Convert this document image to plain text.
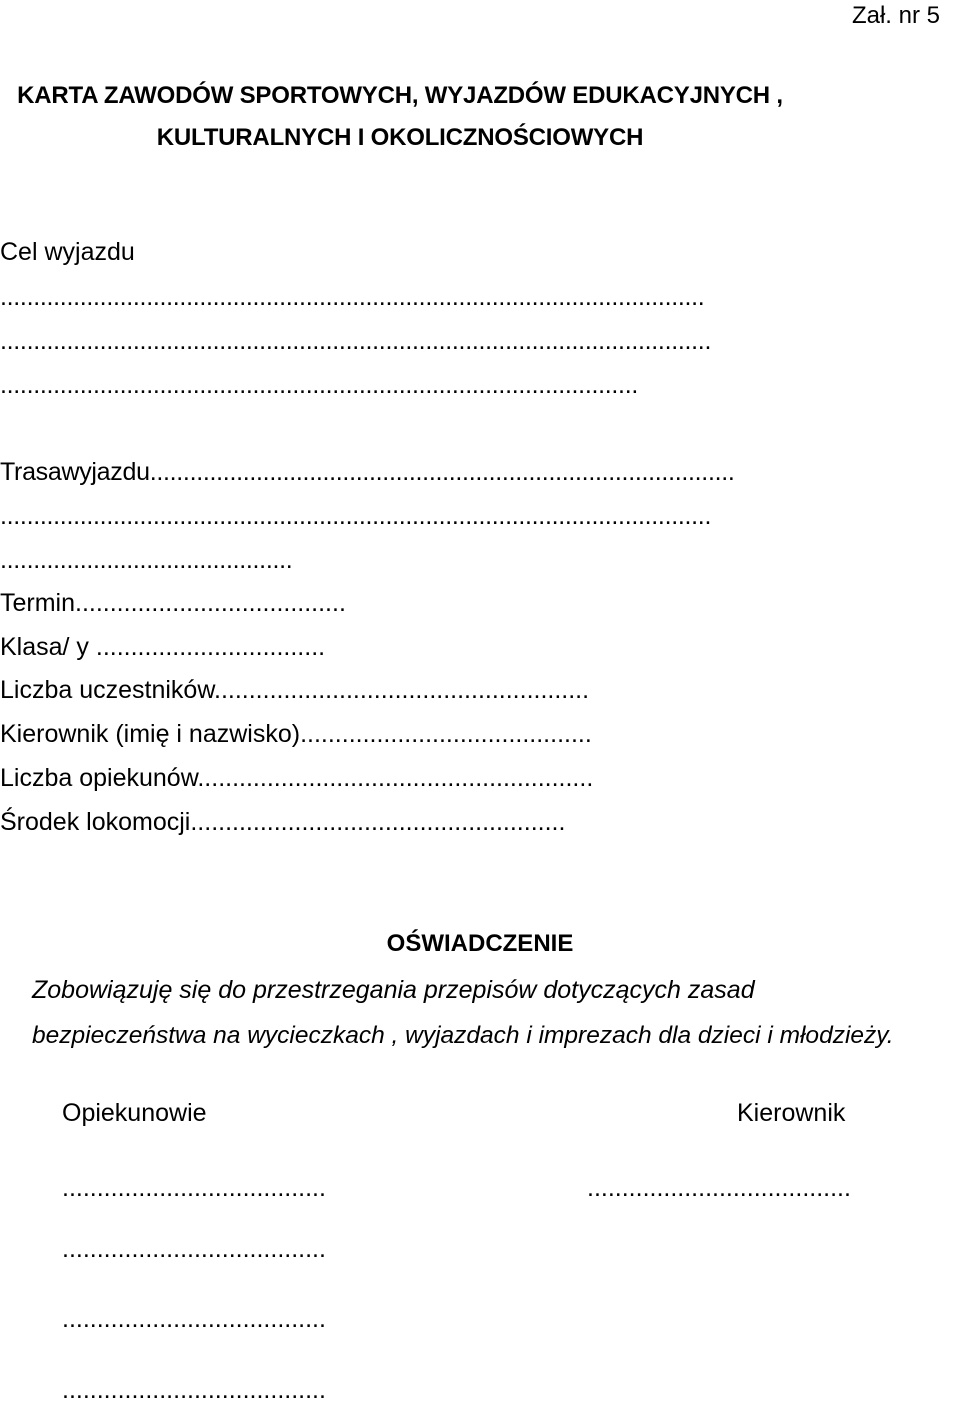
Zał. nr 5
KARTA ZAWODÓW SPORTOWYCH, WYJAZDÓW EDUKACYJNYCH ,
KULTURALNYCH I OKOLICZNOŚCIOWYCH
Cel wyjazdu
..........................................................................................................
...........................................................................................................
................................................................................................
Trasawyjazdu........................................................................................
...........................................................................................................
............................................
Termin.......................................
Klasa/ y .................................
Liczba uczestników......................................................
Kierownik (imię i nazwisko)..........................................
Liczba opiekunów.........................................................
Środek lokomocji......................................................
OŚWIADCZENIE
Zobowiązuję się do przestrzegania przepisów dotyczących zasad
bezpieczeństwa na wycieczkach , wyjazdach i imprezach dla dzieci i młodzieży.
Opiekunowie	Kierownik
......................................	......................................
......................................
......................................
......................................
